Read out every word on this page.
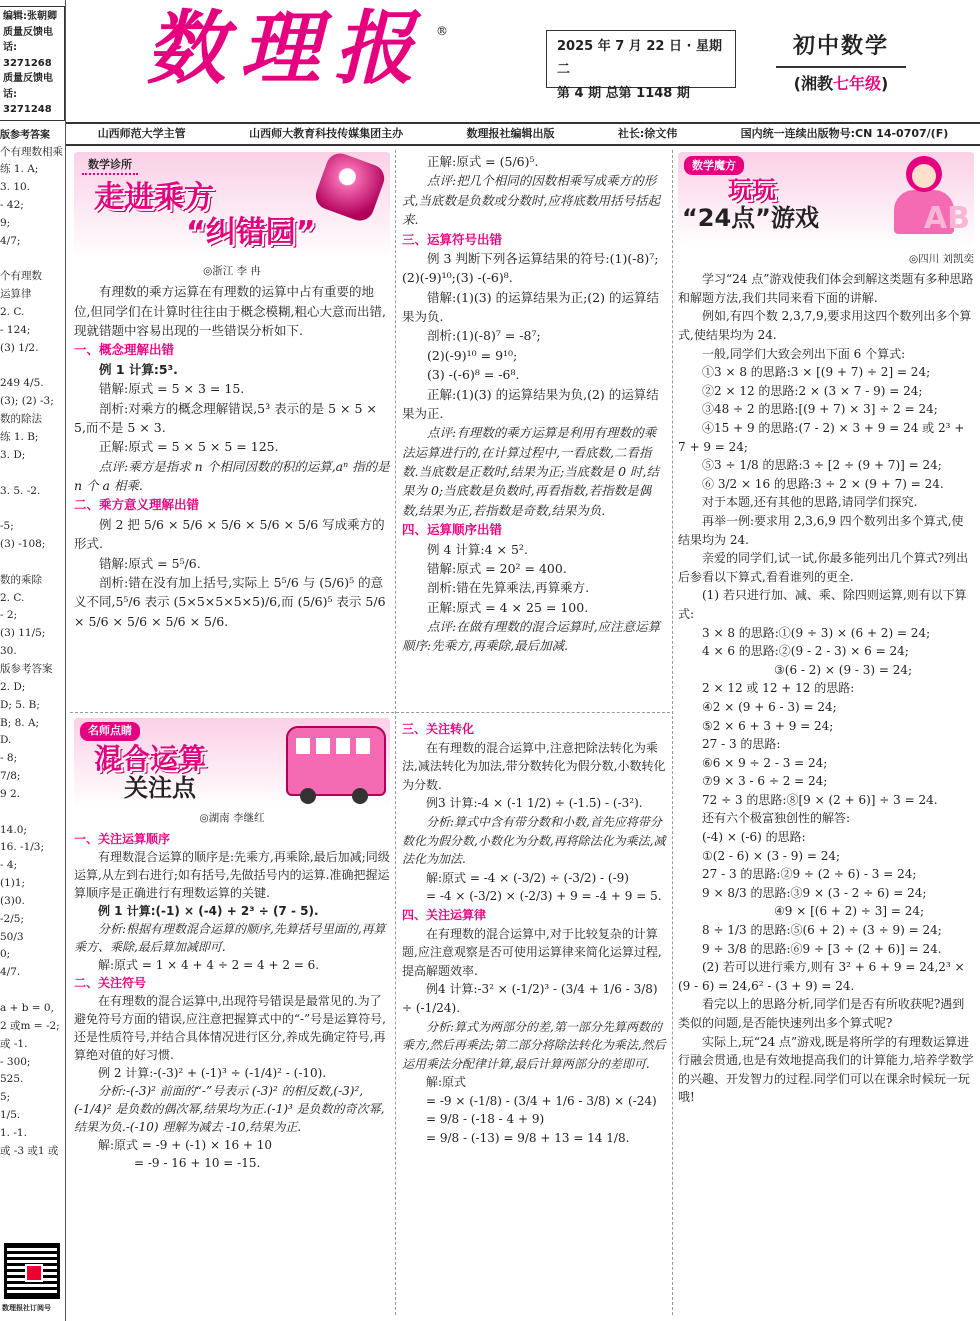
编辑:张朝卿
质量反馈电话:
3271268
质量反馈电话:
3271248
版参考答案
个有理数相乘
练 1. A;
3. 10.
- 42;
9;
4/7;

个有理数
运算律
2. C.
- 124;
(3) 1/2.

249 4/5.
(3); (2) -3;
数的除法
练 1. B;
3. D;

3. 5. -2.

-5;
(3) -108;

数的乘除
2. C.
- 2;
(3) 11/5;
30.
版参考答案
2. D;
D; 5. B;
B; 8. A;
D.
- 8;
7/8;
9 2.

14.0;
16. -1/3;
- 4;
(1)1;
(3)0.
-2/5;
50/3
0;
4/7.

a + b = 0,
2 或m = -2;
或 -1.
- 300;
525.
5;
1/5.
1. -1.
或 -3 或1 或
数理报社订阅号
数理报 ®
2025 年 7 月 22 日 · 星期二
第 4 期 总第 1148 期
初中数学
(湘教七年级)
山西师范大学主管	山西师大教育科技传媒集团主办	数理报社编辑出版	社长:徐文伟	国内统一连续出版物号:CN 14-0707/(F)
数学诊所
走进乘方
“纠错园”
◎浙江 李 冉

有理数的乘方运算在有理数的运算中占有重要的地位,但同学们在计算时往往由于概念模糊,粗心大意而出错,现就错题中容易出现的一些错误分析如下.

一、概念理解出错

例 1 计算:5³.

错解:原式 = 5 × 3 = 15.

剖析:对乘方的概念理解错误,5³ 表示的是 5 × 5 × 5,而不是 5 × 3.

正解:原式 = 5 × 5 × 5 = 125.

点评:乘方是指求 n 个相同因数的积的运算,aⁿ 指的是 n 个 a 相乘.

二、乘方意义理解出错

例 2 把 5/6 × 5/6 × 5/6 × 5/6 × 5/6 写成乘方的形式.

错解:原式 = 5⁵/6.

剖析:错在没有加上括号,实际上 5⁵/6 与 (5/6)⁵ 的意义不同,5⁵/6 表示 (5×5×5×5×5)/6,而 (5/6)⁵ 表示 5/6 × 5/6 × 5/6 × 5/6 × 5/6.

正解:原式 = (5/6)⁵.

点评:把几个相同的因数相乘写成乘方的形式,当底数是负数或分数时,应将底数用括号括起来.

三、运算符号出错

例 3 判断下列各运算结果的符号:(1)(-8)⁷;(2)(-9)¹⁰;(3) -(-6)⁸.

错解:(1)(3) 的运算结果为正;(2) 的运算结果为负.

剖析:(1)(-8)⁷ = -8⁷;

(2)(-9)¹⁰ = 9¹⁰;

(3) -(-6)⁸ = -6⁸.

正解:(1)(3) 的运算结果为负,(2) 的运算结果为正.

点评:有理数的乘方运算是利用有理数的乘法运算进行的,在计算过程中,一看底数,二看指数.当底数是正数时,结果为正;当底数是 0 时,结果为 0;当底数是负数时,再看指数,若指数是偶数,结果为正,若指数是奇数,结果为负.

四、运算顺序出错

例 4 计算:4 × 5².

错解:原式 = 20² = 400.

剖析:错在先算乘法,再算乘方.

正解:原式 = 4 × 25 = 100.

点评:在做有理数的混合运算时,应注意运算顺序:先乘方,再乘除,最后加减.

名师点睛
混合运算
关注点
◎湖南 李继红
一、关注运算顺序

有理数混合运算的顺序是:先乘方,再乘除,最后加减;同级运算,从左到右进行;如有括号,先做括号内的运算.准确把握运算顺序是正确进行有理数运算的关键.

例 1 计算:(-1) × (-4) + 2³ ÷ (7 - 5).

分析:根据有理数混合运算的顺序,先算括号里面的,再算乘方、乘除,最后算加减即可.

解:原式 = 1 × 4 + 4 ÷ 2 = 4 + 2 = 6.

二、关注符号

在有理数的混合运算中,出现符号错误是最常见的.为了避免符号方面的错误,应注意把握算式中的“-”号是运算符号,还是性质符号,并结合具体情况进行区分,养成先确定符号,再算绝对值的好习惯.

例 2 计算:-(-3)² + (-1)³ ÷ (-1/4)² - (-10).

分析:-(-3)² 前面的“-”号表示 (-3)² 的相反数,(-3)²,(-1/4)² 是负数的偶次幂,结果均为正.(-1)³ 是负数的奇次幂,结果为负.-(-10) 理解为减去 -10,结果为正.

解:原式 = -9 + (-1) × 16 + 10

= -9 - 16 + 10 = -15.

三、关注转化

在有理数的混合运算中,注意把除法转化为乘法,减法转化为加法,带分数转化为假分数,小数转化为分数.

例3 计算:-4 × (-1 1/2) ÷ (-1.5) - (-3²).

分析:算式中含有带分数和小数,首先应将带分数化为假分数,小数化为分数,再将除法化为乘法,减法化为加法.

解:原式 = -4 × (-3/2) ÷ (-3/2) - (-9)

= -4 × (-3/2) × (-2/3) + 9 = -4 + 9 = 5.

四、关注运算律

在有理数的混合运算中,对于比较复杂的计算题,应注意观察是否可使用运算律来简化运算过程,提高解题效率.

例4 计算:-3² × (-1/2)³ - (3/4 + 1/6 - 3/8) ÷ (-1/24).

分析:算式为两部分的差,第一部分先算两数的乘方,然后再乘法;第二部分将除法转化为乘法,然后运用乘法分配律计算,最后计算两部分的差即可.

解:原式

= -9 × (-1/8) - (3/4 + 1/6 - 3/8) × (-24)

= 9/8 - (-18 - 4 + 9)

= 9/8 - (-13) = 9/8 + 13 = 14 1/8.

数学魔方
玩玩
“24点”游戏	AB
◎四川 刘凯奕

学习“24 点”游戏使我们体会到解这类题有多种思路和解题方法,我们共同来看下面的讲解.

例如,有四个数 2,3,7,9,要求用这四个数列出多个算式,使结果均为 24.

一般,同学们大致会列出下面 6 个算式:

①3 × 8 的思路:3 × [(9 + 7) ÷ 2] = 24;

②2 × 12 的思路:2 × (3 × 7 - 9) = 24;

③48 ÷ 2 的思路:[(9 + 7) × 3] ÷ 2 = 24;

④15 + 9 的思路:(7 - 2) × 3 + 9 = 24 或 2³ + 7 + 9 = 24;

⑤3 ÷ 1/8 的思路:3 ÷ [2 ÷ (9 + 7)] = 24;

⑥ 3/2 × 16 的思路:3 ÷ 2 × (9 + 7) = 24.

对于本题,还有其他的思路,请同学们探究.

再举一例:要求用 2,3,6,9 四个数列出多个算式,使结果均为 24.

亲爱的同学们,试一试,你最多能列出几个算式?列出后参看以下算式,看看谁列的更全.

(1) 若只进行加、减、乘、除四则运算,则有以下算式:

3 × 8 的思路:①(9 ÷ 3) × (6 + 2) = 24;

4 × 6 的思路:②(9 - 2 - 3) × 6 = 24;

③(6 - 2) × (9 - 3) = 24;

2 × 12 或 12 + 12 的思路:

④2 × (9 + 6 - 3) = 24;

⑤2 × 6 + 3 + 9 = 24;

27 - 3 的思路:

⑥6 × 9 ÷ 2 - 3 = 24;

⑦9 × 3 - 6 ÷ 2 = 24;

72 ÷ 3 的思路:⑧[9 × (2 + 6)] ÷ 3 = 24.

还有六个极富独创性的解答:

(-4) × (-6) 的思路:

①(2 - 6) × (3 - 9) = 24;

27 - 3 的思路:②9 ÷ (2 ÷ 6) - 3 = 24;

9 × 8/3 的思路:③9 × (3 - 2 ÷ 6) = 24;

④9 × [(6 + 2) ÷ 3] = 24;

8 ÷ 1/3 的思路:⑤(6 + 2) ÷ (3 ÷ 9) = 24;

9 ÷ 3/8 的思路:⑥9 ÷ [3 ÷ (2 + 6)] = 24.

(2) 若可以进行乘方,则有 3² + 6 + 9 = 24,2³ × (9 - 6) = 24,6² - (3 + 9) = 24.

看完以上的思路分析,同学们是否有所收获呢?遇到类似的问题,是否能快速列出多个算式呢?

实际上,玩“24 点”游戏,既是将所学的有理数运算进行融会贯通,也是有效地提高我们的计算能力,培养学数学的兴趣、开发智力的过程.同学们可以在课余时候玩一玩哦!
